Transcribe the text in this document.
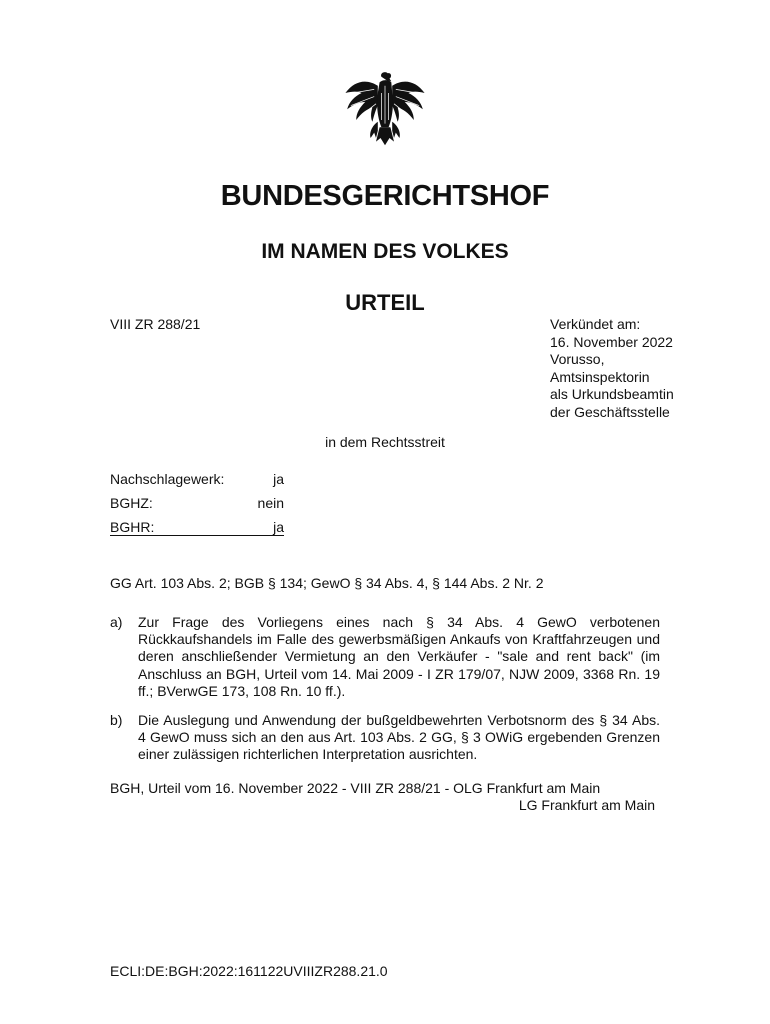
BUNDESGERICHTSHOF
IM NAMEN DES VOLKES
URTEIL
VIII ZR 288/21	Verkündet am:
16. November 2022
Vorusso,
Amtsinspektorin
als Urkundsbeamtin
der Geschäftsstelle
in dem Rechtsstreit
Nachschlagewerk:	ja
BGHZ:	nein
BGHR:	ja
GG Art. 103 Abs. 2; BGB § 134; GewO § 34 Abs. 4, § 144 Abs. 2 Nr. 2
a) Zur Frage des Vorliegens eines nach § 34 Abs. 4 GewO verbotenen Rückkaufshandels im Falle des gewerbsmäßigen Ankaufs von Kraftfahrzeugen und deren anschließender Vermietung an den Verkäufer - "sale and rent back" (im Anschluss an BGH, Urteil vom 14. Mai 2009 - I ZR 179/07, NJW 2009, 3368 Rn. 19 ff.; BVerwGE 173, 108 Rn. 10 ff.).
b) Die Auslegung und Anwendung der bußgeldbewehrten Verbotsnorm des § 34 Abs. 4 GewO muss sich an den aus Art. 103 Abs. 2 GG, § 3 OWiG ergebenden Grenzen einer zulässigen richterlichen Interpretation ausrichten.
BGH, Urteil vom 16. November 2022 - VIII ZR 288/21 - OLG Frankfurt am Main
LG Frankfurt am Main
ECLI:DE:BGH:2022:161122UVIIIZR288.21.0
